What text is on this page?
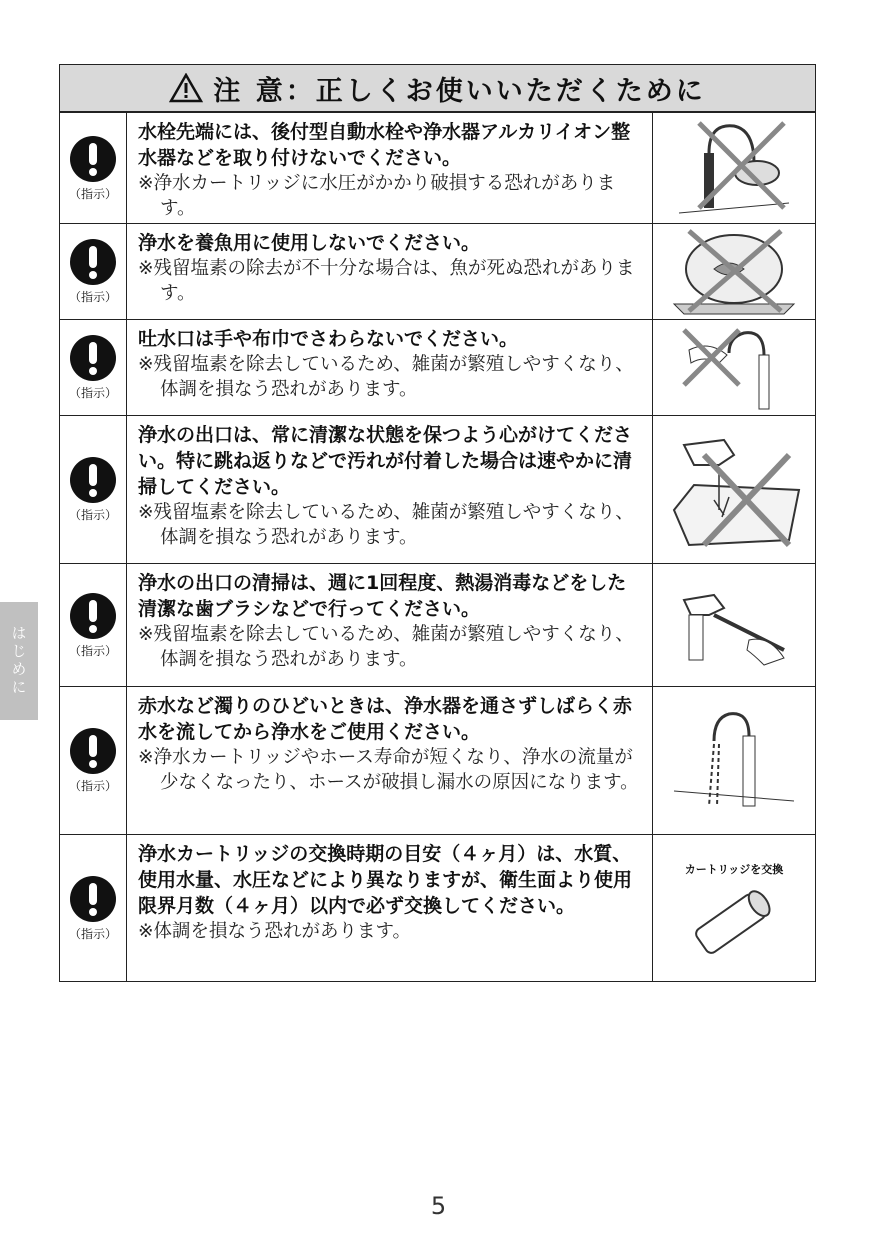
注 意：正しくお使いいただくために
（指示）

水栓先端には、後付型自動水栓や浄水器アルカリイオン整水器などを取り付けないでください。

※浄水カートリッジに水圧がかかり破損する恐れがあります。

（指示）

浄水を養魚用に使用しないでください。

※残留塩素の除去が不十分な場合は、魚が死ぬ恐れがあります。

（指示）

吐水口は手や布巾でさわらないでください。

※残留塩素を除去しているため、雑菌が繁殖しやすくなり、体調を損なう恐れがあります。

（指示）

浄水の出口は、常に清潔な状態を保つよう心がけてください。特に跳ね返りなどで汚れが付着した場合は速やかに清掃してください。

※残留塩素を除去しているため、雑菌が繁殖しやすくなり、体調を損なう恐れがあります。

（指示）

浄水の出口の清掃は、週に1回程度、熱湯消毒などをした清潔な歯ブラシなどで行ってください。

※残留塩素を除去しているため、雑菌が繁殖しやすくなり、体調を損なう恐れがあります。

（指示）

赤水など濁りのひどいときは、浄水器を通さずしばらく赤水を流してから浄水をご使用ください。

※浄水カートリッジやホース寿命が短くなり、浄水の流量が少なくなったり、ホースが破損し漏水の原因になります。

（指示）

浄水カートリッジの交換時期の目安（４ヶ月）は、水質、使用水量、水圧などにより異なりますが、衛生面より使用限界月数（４ヶ月）以内で必ず交換してください。

※体調を損なう恐れがあります。

カートリッジを交換
はじめに
5
